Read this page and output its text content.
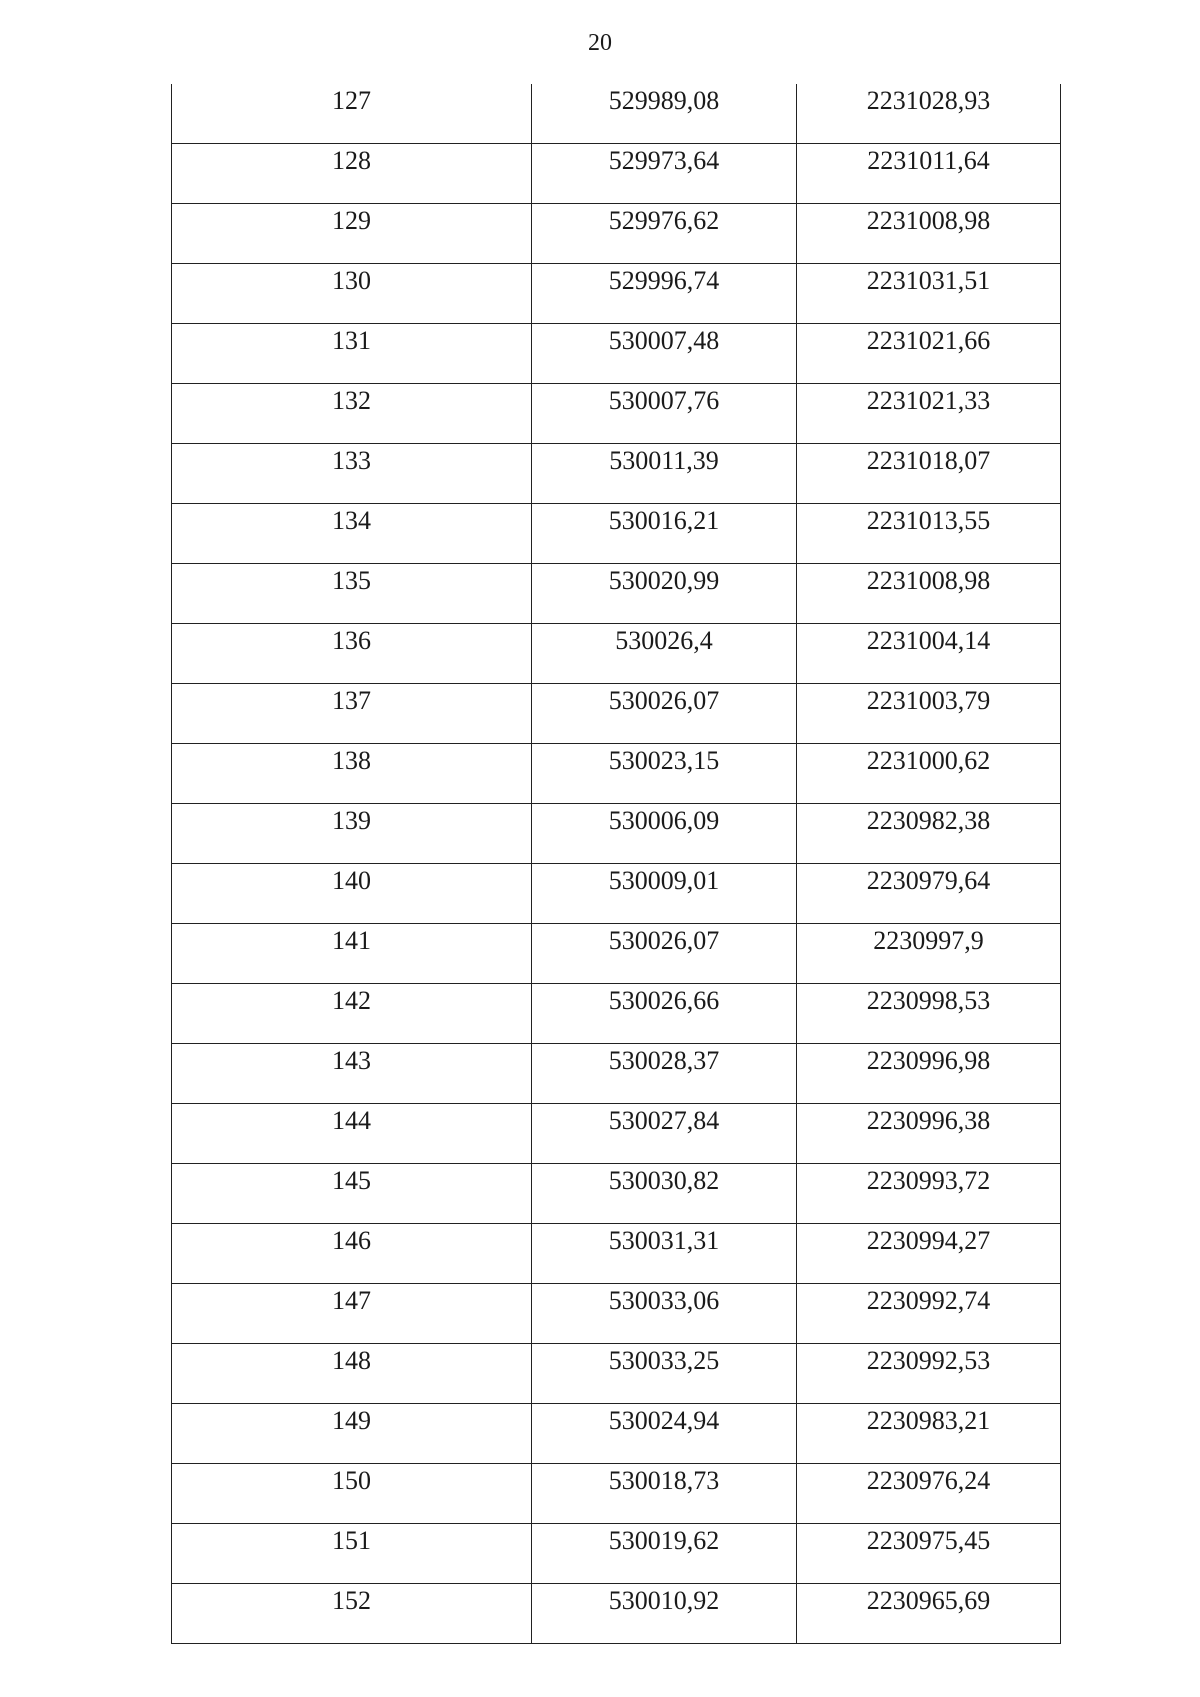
20
127	529989,08	2231028,93
128	529973,64	2231011,64
129	529976,62	2231008,98
130	529996,74	2231031,51
131	530007,48	2231021,66
132	530007,76	2231021,33
133	530011,39	2231018,07
134	530016,21	2231013,55
135	530020,99	2231008,98
136	530026,4	2231004,14
137	530026,07	2231003,79
138	530023,15	2231000,62
139	530006,09	2230982,38
140	530009,01	2230979,64
141	530026,07	2230997,9
142	530026,66	2230998,53
143	530028,37	2230996,98
144	530027,84	2230996,38
145	530030,82	2230993,72
146	530031,31	2230994,27
147	530033,06	2230992,74
148	530033,25	2230992,53
149	530024,94	2230983,21
150	530018,73	2230976,24
151	530019,62	2230975,45
152	530010,92	2230965,69
